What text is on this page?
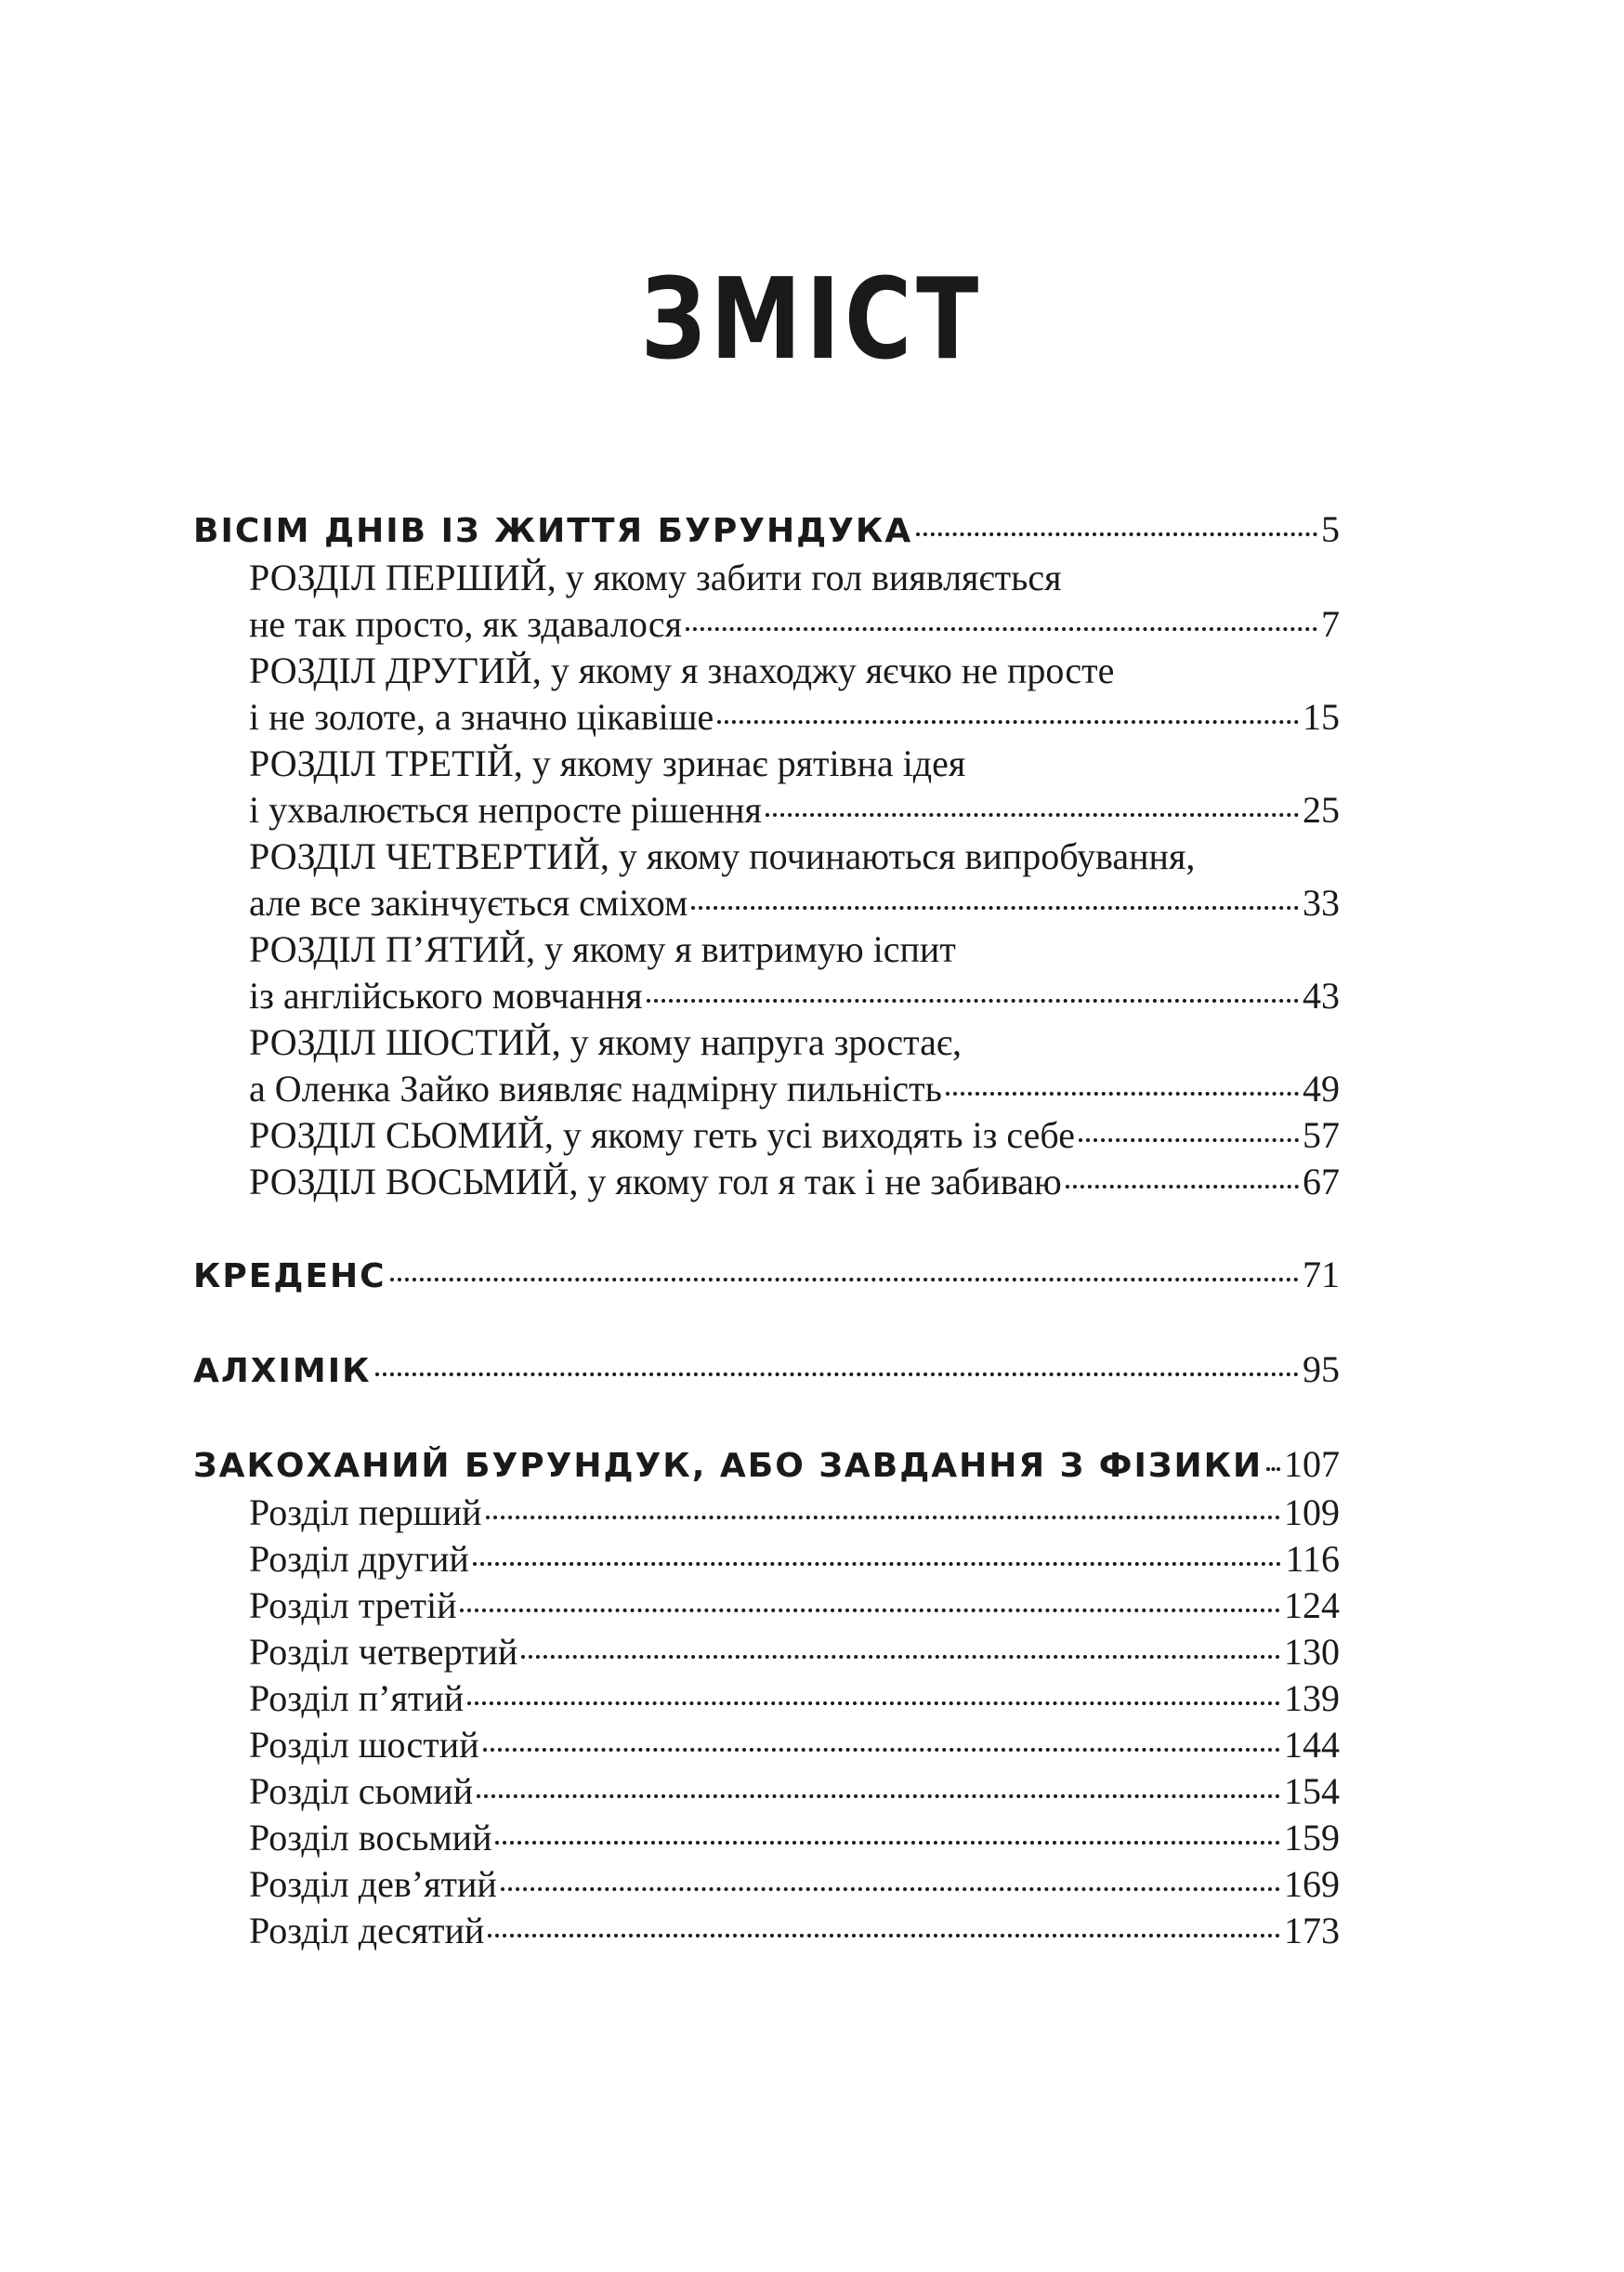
ЗМІСТ
ВІСІМ ДНІВ ІЗ ЖИТТЯ БУРУНДУКА	5
РОЗДІЛ ПЕРШИЙ, у якому забити гол виявляється
не так просто, як здавалося	7
РОЗДІЛ ДРУГИЙ, у якому я знаходжу яєчко не просте
і не золоте, а значно цікавіше	15
РОЗДІЛ ТРЕТІЙ, у якому зринає рятівна ідея
і ухвалюється непросте рішення	25
РОЗДІЛ ЧЕТВЕРТИЙ, у якому починаються випробування,
але все закінчується сміхом	33
РОЗДІЛ П’ЯТИЙ, у якому я витримую іспит
із англійського мовчання	43
РОЗДІЛ ШОСТИЙ, у якому напруга зростає,
а Оленка Зайко виявляє надмірну пильність	49
РОЗДІЛ СЬОМИЙ, у якому геть усі виходять із себе	57
РОЗДІЛ ВОСЬМИЙ, у якому гол я так і не забиваю	67
КРЕДЕНС	71
АЛХІМІК	95
ЗАКОХАНИЙ БУРУНДУК, АБО ЗАВДАННЯ З ФІЗИКИ 107
Розділ перший	109
Розділ другий	116
Розділ третій	124
Розділ четвертий	130
Розділ п’ятий	139
Розділ шостий	144
Розділ сьомий	154
Розділ восьмий	159
Розділ дев’ятий	169
Розділ десятий	173
